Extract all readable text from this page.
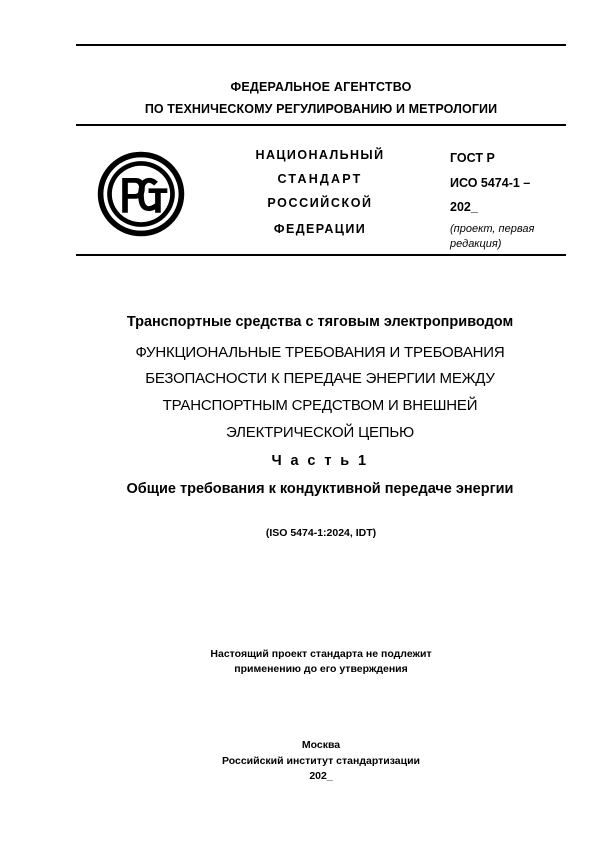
ФЕДЕРАЛЬНОЕ АГЕНТСТВО
ПО ТЕХНИЧЕСКОМУ РЕГУЛИРОВАНИЮ И МЕТРОЛОГИИ
НАЦИОНАЛЬНЫЙ
СТАНДАРТ
РОССИЙСКОЙ
ФЕДЕРАЦИИ
ГОСТ Р
ИСО 5474-1 –
202_
(проект, первая редакция)
Транспортные средства с тяговым электроприводом
ФУНКЦИОНАЛЬНЫЕ ТРЕБОВАНИЯ И ТРЕБОВАНИЯ
БЕЗОПАСНОСТИ К ПЕРЕДАЧЕ ЭНЕРГИИ МЕЖДУ
ТРАНСПОРТНЫМ СРЕДСТВОМ И ВНЕШНЕЙ
ЭЛЕКТРИЧЕСКОЙ ЦЕПЬЮ
Ч а с т ь 1
Общие требования к кондуктивной передаче энергии
(ISO 5474-1:2024, IDT)
Настоящий проект стандарта не подлежит
применению до его утверждения
Москва
Российский институт стандартизации
202_
